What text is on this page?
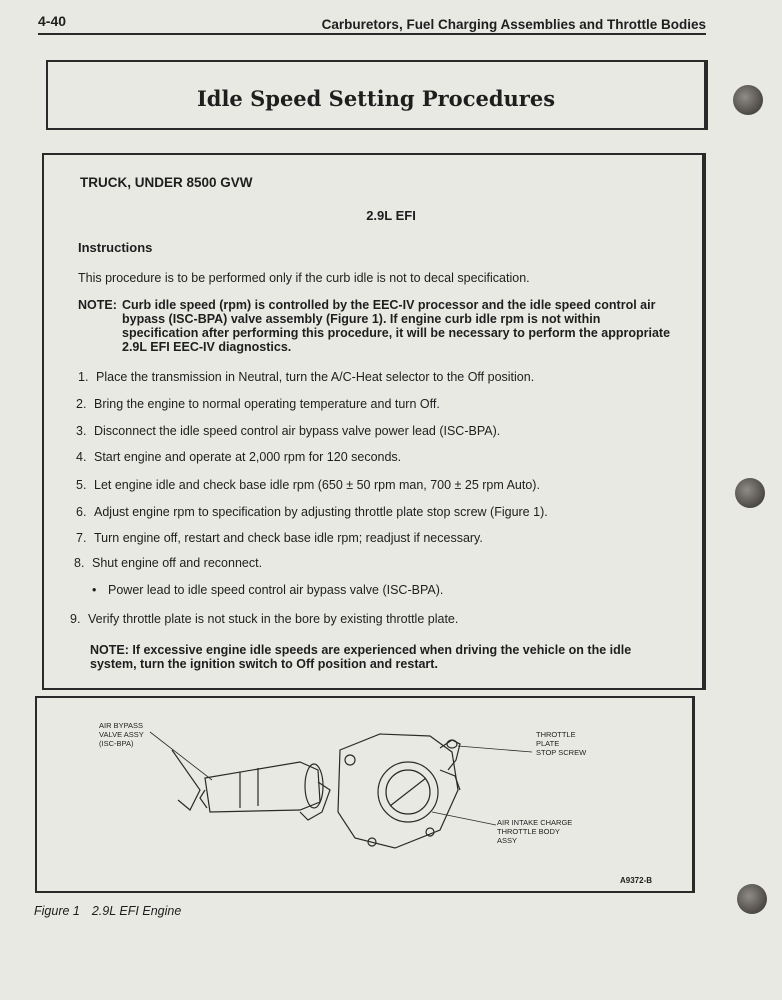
4-40	Carburetors, Fuel Charging Assemblies and Throttle Bodies
Idle Speed Setting Procedures
TRUCK, UNDER 8500 GVW
2.9L EFI
Instructions
This procedure is to be performed only if the curb idle is not to decal specification.
NOTE: Curb idle speed (rpm) is controlled by the EEC-IV processor and the idle speed control air bypass (ISC-BPA) valve assembly (Figure 1). If engine curb idle rpm is not within specification after performing this procedure, it will be necessary to perform the appropriate 2.9L EFI EEC-IV diagnostics.
1. Place the transmission in Neutral, turn the A/C-Heat selector to the Off position.
2. Bring the engine to normal operating temperature and turn Off.
3. Disconnect the idle speed control air bypass valve power lead (ISC-BPA).
4. Start engine and operate at 2,000 rpm for 120 seconds.
5. Let engine idle and check base idle rpm (650 ± 50 rpm man, 700 ± 25 rpm Auto).
6. Adjust engine rpm to specification by adjusting throttle plate stop screw (Figure 1).
7. Turn engine off, restart and check base idle rpm; readjust if necessary.
8. Shut engine off and reconnect.
• Power lead to idle speed control air bypass valve (ISC-BPA).
9. Verify throttle plate is not stuck in the bore by existing throttle plate.
NOTE: If excessive engine idle speeds are experienced when driving the vehicle on the idle system, turn the ignition switch to Off position and restart.
AIR BYPASS
VALVE ASSY
(ISC-BPA)
THROTTLE
PLATE
STOP SCREW
AIR INTAKE CHARGE
THROTTLE BODY
ASSY
A9372-B
Figure 1 2.9L EFI Engine
